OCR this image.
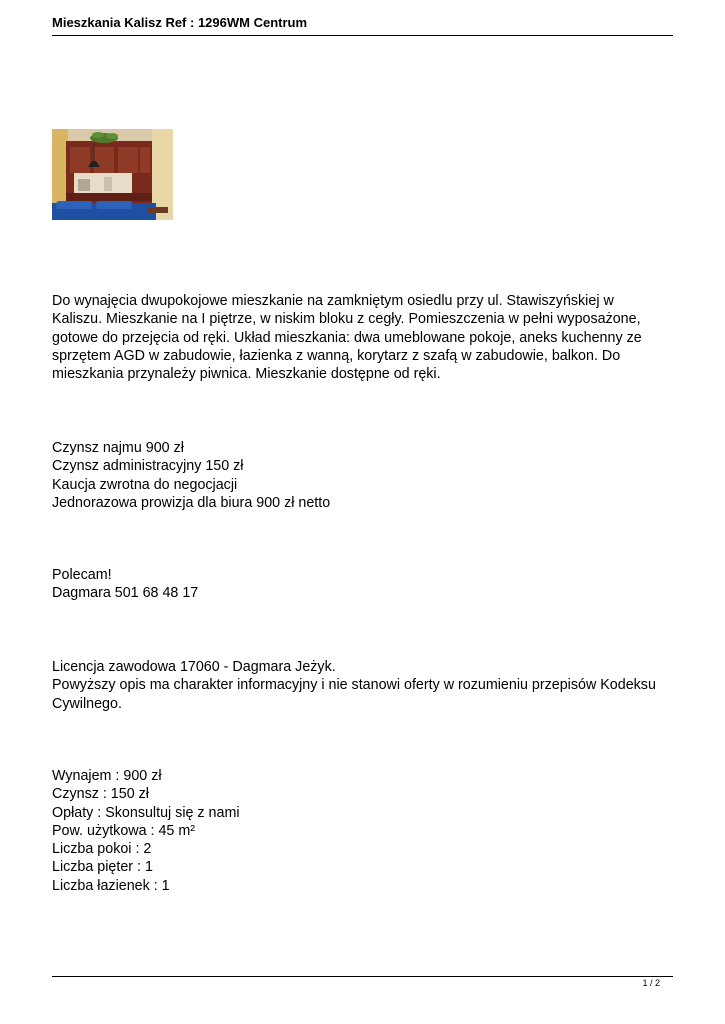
Mieszkania Kalisz Ref : 1296WM Centrum
Do wynajęcia dwupokojowe mieszkanie na zamkniętym osiedlu przy ul. Stawiszyńskiej w
Kaliszu. Mieszkanie na I piętrze, w niskim bloku z cegły. Pomieszczenia w pełni wyposażone,
gotowe do przejęcia od ręki. Układ mieszkania: dwa umeblowane pokoje, aneks kuchenny ze
sprzętem AGD w zabudowie, łazienka z wanną, korytarz z szafą w zabudowie, balkon. Do
mieszkania przynależy piwnica. Mieszkanie dostępne od ręki.
Czynsz najmu 900 zł
Czynsz administracyjny 150 zł
Kaucja zwrotna do negocjacji
Jednorazowa prowizja dla biura 900 zł netto
Polecam!
Dagmara 501 68 48 17
Licencja zawodowa 17060 - Dagmara Jeżyk.
Powyższy opis ma charakter informacyjny i nie stanowi oferty w rozumieniu przepisów Kodeksu
Cywilnego.
Wynajem : 900 zł
Czynsz : 150 zł
Opłaty : Skonsultuj się z nami
Pow. użytkowa : 45 m²
Liczba pokoi : 2
Liczba pięter : 1
Liczba łazienek : 1
1 / 2
